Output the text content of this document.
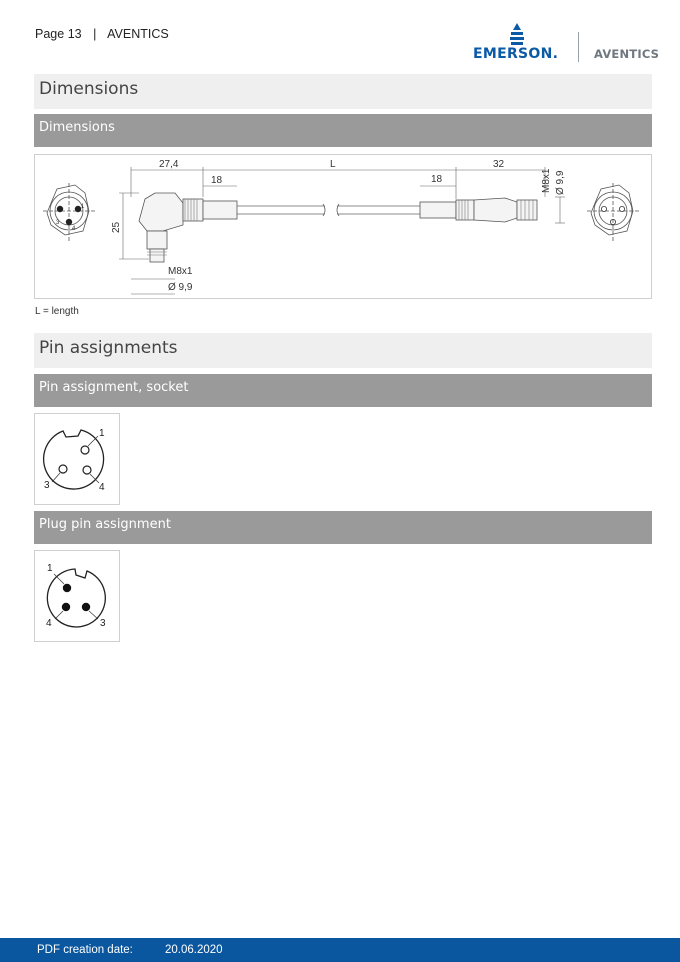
Page 13 | AVENTICS
EMERSON.	AVENTICS
Dimensions
Dimensions
27,4	L	32
18	18
25
M8x1
Ø 9,9
M8x1 Ø 9,9
1
3
4
L = length
Pin assignments
Pin assignment, socket
1
3	4
Plug pin assignment
1
4	3
PDF creation date:	20.06.2020
